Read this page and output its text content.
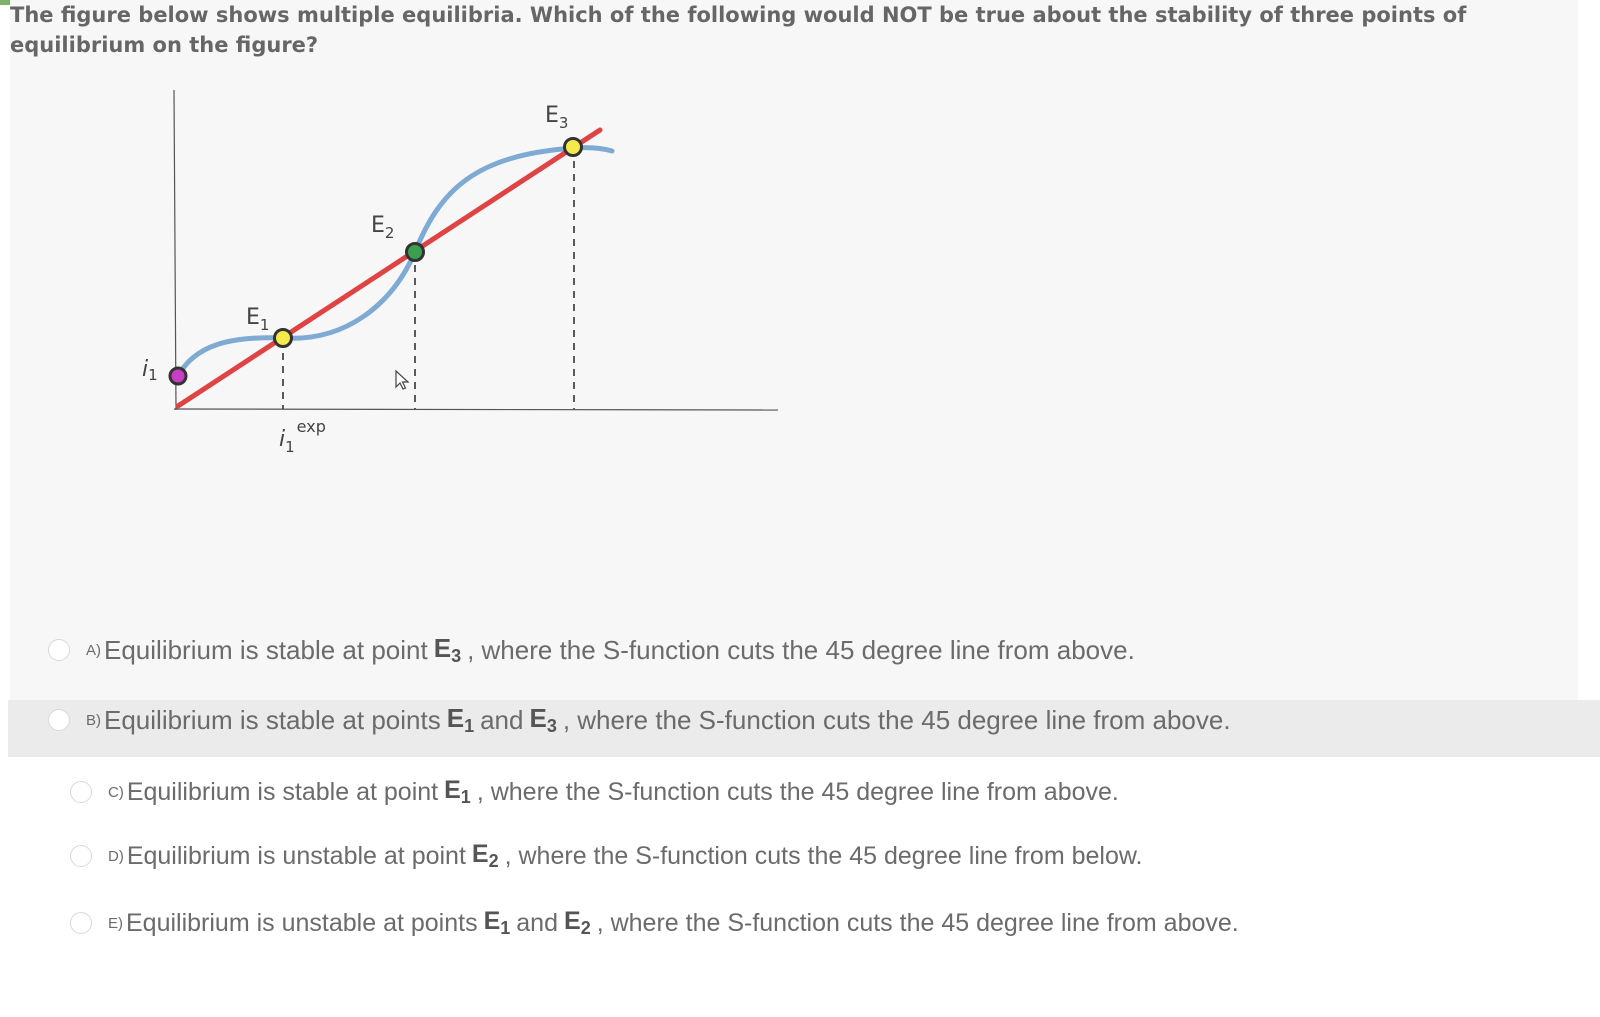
The figure below shows multiple equilibria. Which of the following would NOT be true about the stability of three points of equilibrium on the figure?
$E_1$
$E_2$
$E_3$
i1
$i_1^{exp}$
A) Equilibrium is stable at point $E_3$ , where the S-function cuts the 45 degree line from above.
B) Equilibrium is stable at points $E_1$ and $E_3$ , where the S-function cuts the 45 degree line from above.
C) Equilibrium is stable at point $E_1$ , where the S-function cuts the 45 degree line from above.
D) Equilibrium is unstable at point $E_2$ , where the S-function cuts the 45 degree line from below.
E) Equilibrium is unstable at points $E_1$ and $E_2$ , where the S-function cuts the 45 degree line from above.
